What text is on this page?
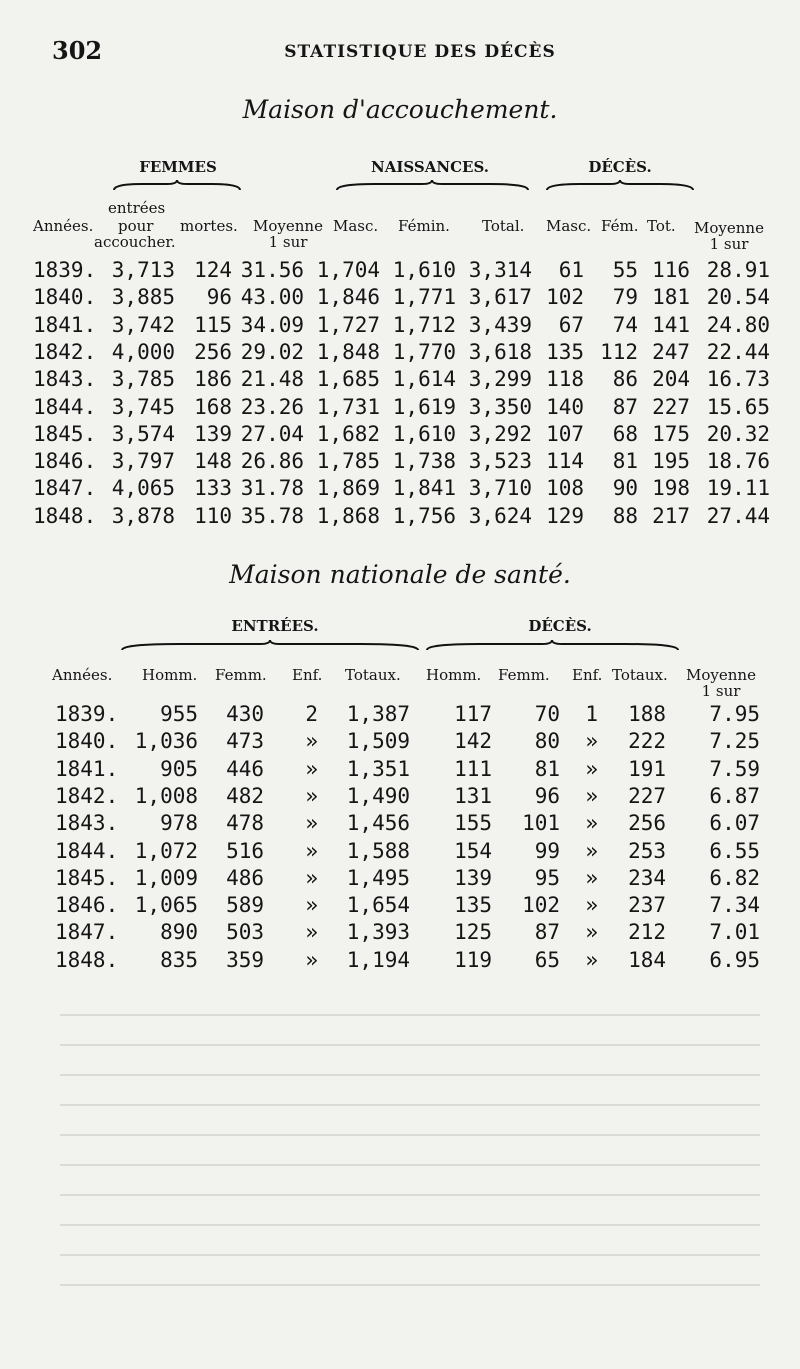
302	STATISTIQUE DES DÉCÈS
Maison d'accouchement.
FEMMES	NAISSANCES.	DÉCÈS.
entrées
Années. pour
accoucher.
mortes.	Moyenne
1 sur
Masc. Fémin. Total. Masc. Fém. Tot. Moyenne
1 sur
1839. 3,713 124 31.56 1,704 1,610 3,314 61 55 116 28.91
1840. 3,885 96 43.00 1,846 1,771 3,617 102 79 181 20.54
1841. 3,742 115 34.09 1,727 1,712 3,439 67 74 141 24.80
1842. 4,000 256 29.02 1,848 1,770 3,618 135 112 247 22.44
1843. 3,785 186 21.48 1,685 1,614 3,299 118 86 204 16.73
1844. 3,745 168 23.26 1,731 1,619 3,350 140 87 227 15.65
1845. 3,574 139 27.04 1,682 1,610 3,292 107 68 175 20.32
1846. 3,797 148 26.86 1,785 1,738 3,523 114 81 195 18.76
1847. 4,065 133 31.78 1,869 1,841 3,710 108 90 198 19.11
1848. 3,878 110 35.78 1,868 1,756 3,624 129 88 217 27.44
Maison nationale de santé.
ENTRÉES.	DÉCÈS.
Années. Homm. Femm. Enf. Totaux. Homm. Femm. Enf. Totaux.	Moyenne
1 sur
1839. 955 430 2 1,387 117 70 1 188 7.95
1840. 1,036 473 » 1,509 142 80 » 222 7.25
1841. 905 446 » 1,351 111 81 » 191 7.59
1842. 1,008 482 » 1,490 131 96 » 227 6.87
1843. 978 478 » 1,456 155 101 » 256 6.07
1844. 1,072 516 » 1,588 154 99 » 253 6.55
1845. 1,009 486 » 1,495 139 95 » 234 6.82
1846. 1,065 589 » 1,654 135 102 » 237 7.34
1847. 890 503 » 1,393 125 87 » 212 7.01
1848. 835 359 » 1,194 119 65 » 184 6.95
